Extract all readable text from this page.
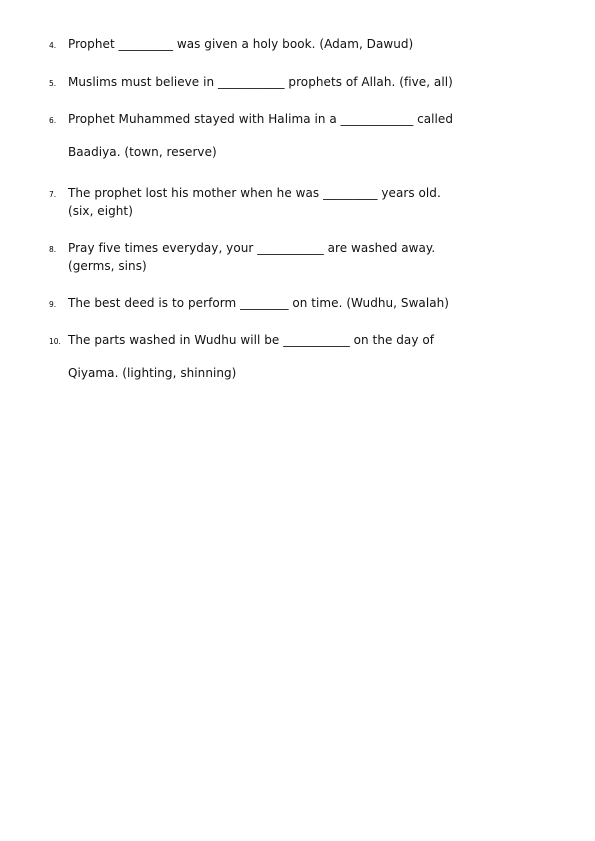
4. Prophet _________ was given a holy book. (Adam, Dawud)
5. Muslims must believe in ___________ prophets of Allah. (five, all)
6. Prophet Muhammed stayed with Halima in a ____________ called
Baadiya. (town, reserve)
7. The prophet lost his mother when he was _________ years old.
(six, eight)
8. Pray five times everyday, your ___________ are washed away.
(germs, sins)
9. The best deed is to perform ________ on time. (Wudhu, Swalah)
10. The parts washed in Wudhu will be ___________ on the day of
Qiyama. (lighting, shinning)
